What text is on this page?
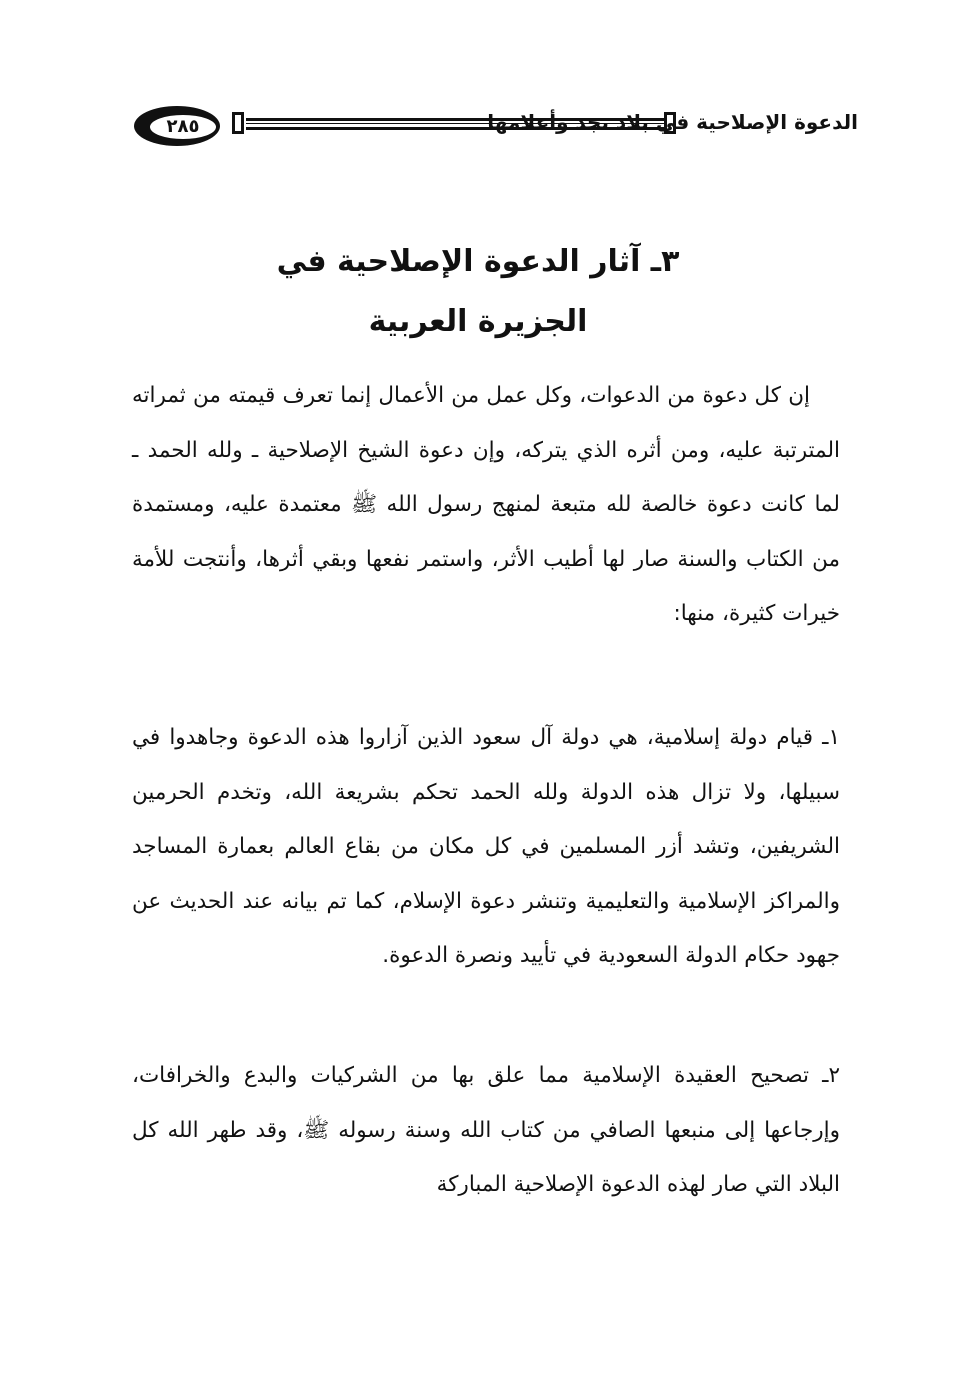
٢٨٥	الدعوة الإصلاحية في بلاد نجد وأعلامها
٣ـ آثار الدعوة الإصلاحية في
الجزيرة العربية

إن كل دعوة من الدعوات، وكل عمل من الأعمال إنما تعرف قيمته من ثمراته المترتبة عليه، ومن أثره الذي يتركه، وإن دعوة الشيخ الإصلاحية ـ ولله الحمد ـ لما كانت دعوة خالصة لله متبعة لمنهج رسول الله ﷺ معتمدة عليه، ومستمدة من الكتاب والسنة صار لها أطيب الأثر، واستمر نفعها وبقي أثرها، وأنتجت للأمة خيرات كثيرة، منها:

١ـ قيام دولة إسلامية، هي دولة آل سعود الذين آزاروا هذه الدعوة وجاهدوا في سبيلها، ولا تزال هذه الدولة ولله الحمد تحكم بشريعة الله، وتخدم الحرمين الشريفين، وتشد أزر المسلمين في كل مكان من بقاع العالم بعمارة المساجد والمراكز الإسلامية والتعليمية وتنشر دعوة الإسلام، كما تم بيانه عند الحديث عن جهود حكام الدولة السعودية في تأييد ونصرة الدعوة.

٢ـ تصحيح العقيدة الإسلامية مما علق بها من الشركيات والبدع والخرافات، وإرجاعها إلى منبعها الصافي من كتاب الله وسنة رسوله ﷺ، وقد طهر الله كل البلاد التي صار لهذه الدعوة الإصلاحية المباركة
